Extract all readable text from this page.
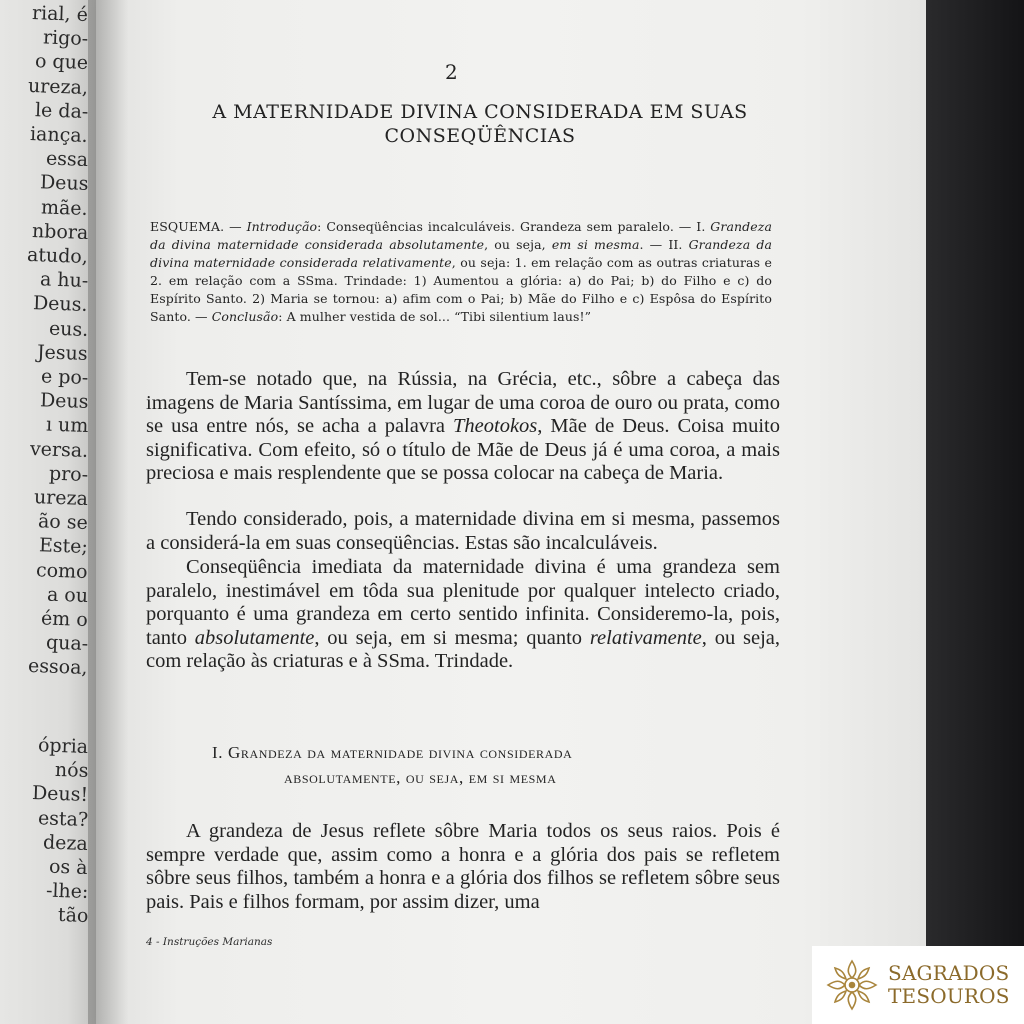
rial, é

rigo-

o que

ureza,

le da-

iança.

essa

Deus

mãe.

nbora

atudo,

a hu-

Deus.

eus.

Jesus

e po-

Deus

ı um

versa.

pro-

ureza

ão se

Este;

como

a ou

ém o

qua-

essoa,

ópria

nós

Deus!

esta?

deza

os à

-lhe:

tão

2

A MATERNIDADE DIVINA CONSIDERADA EM SUAS
CONSEQÜÊNCIAS

ESQUEMA. — Introdução: Conseqüências incalculáveis. Grandeza sem paralelo. — I. Grandeza da divina maternidade considerada absolutamente, ou seja, em si mesma. — II. Grandeza da divina maternidade considerada relativamente, ou seja: 1. em relação com as outras criaturas e 2. em relação com a SSma. Trindade: 1) Aumentou a glória: a) do Pai; b) do Filho e c) do Espírito Santo. 2) Maria se tornou: a) afim com o Pai; b) Mãe do Filho e c) Espôsa do Espírito Santo. — Conclusão: A mulher vestida de sol... “Tibi silentium laus!”

Tem-se notado que, na Rússia, na Grécia, etc., sôbre a cabeça das imagens de Maria Santíssima, em lugar de uma coroa de ouro ou prata, como se usa entre nós, se acha a palavra Theotokos, Mãe de Deus. Coisa muito significativa. Com efeito, só o título de Mãe de Deus já é uma coroa, a mais preciosa e mais resplendente que se possa colocar na cabeça de Maria.

Tendo considerado, pois, a maternidade divina em si mesma, passemos a considerá-la em suas conseqüências. Estas são incalculáveis.

Conseqüência imediata da maternidade divina é uma grandeza sem paralelo, inestimável em tôda sua plenitude por qualquer intelecto criado, porquanto é uma grandeza em certo sentido infinita. Consideremo-la, pois, tanto absolutamente, ou seja, em si mesma; quanto relativamente, ou seja, com relação às criaturas e à SSma. Trindade.

I. Grandeza da maternidade divina considerada
absolutamente, ou seja, em si mesma

A grandeza de Jesus reflete sôbre Maria todos os seus raios. Pois é sempre verdade que, assim como a honra e a glória dos pais se refletem sôbre seus filhos, também a honra e a glória dos filhos se refletem sôbre seus pais. Pais e filhos formam, por assim dizer, uma

4 - Instruções Marianas

SAGRADOS
TESOUROS
